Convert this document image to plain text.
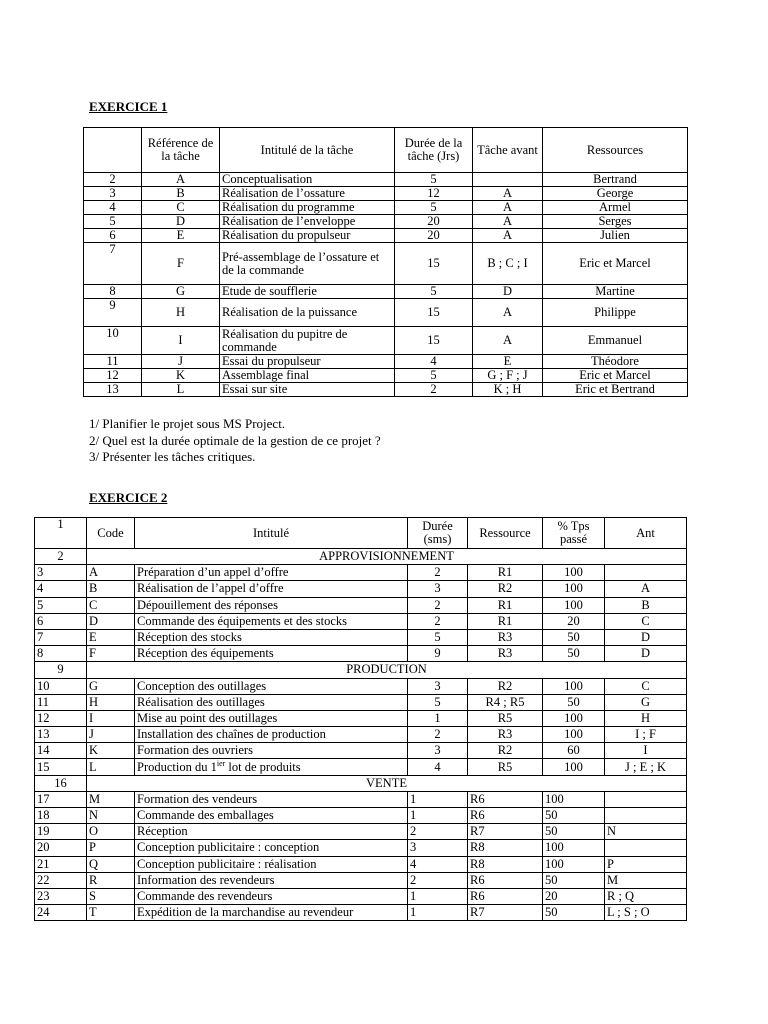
EXERCICE 1
	Référence de la tâche	Intitulé de la tâche	Durée de la tâche (Jrs)	Tâche avant	Ressources
2	A	Conceptualisation	5		Bertrand
3	B	Réalisation de l’ossature	12	A	George
4	C	Réalisation du programme	5	A	Armel
5	D	Réalisation de l’enveloppe	20	A	Serges
6	E	Réalisation du propulseur	20	A	Julien
7	F	Pré-assemblage de l’ossature et de la commande	15	B ; C ; I	Eric et Marcel
8	G	Etude de soufflerie	5	D	Martine
9	H	Réalisation de la puissance	15	A	Philippe
10	I	Réalisation du pupitre de commande	15	A	Emmanuel
11	J	Essai du propulseur	4	E	Théodore
12	K	Assemblage final	5	G ; F ; J	Eric et Marcel
13	L	Essai sur site	2	K ; H	Eric et Bertrand
1/ Planifier le projet sous MS Project.
2/ Quel est la durée optimale de la gestion de ce projet ?
3/ Présenter les tâches critiques.
EXERCICE 2
1	Code	Intitulé	Durée (sms)	Ressource	% Tps passé	Ant
2	APPROVISIONNEMENT					
3	A	Préparation d’un appel d’offre	2	R1	100	
4	B	Réalisation de l’appel d’offre	3	R2	100	A
5	C	Dépouillement des réponses	2	R1	100	B
6	D	Commande des équipements et des stocks	2	R1	20	C
7	E	Réception des stocks	5	R3	50	D
8	F	Réception des équipements	9	R3	50	D
9	PRODUCTION					
10	G	Conception des outillages	3	R2	100	C
11	H	Réalisation des outillages	5	R4 ; R5	50	G
12	I	Mise au point des outillages	1	R5	100	H
13	J	Installation des chaînes de production	2	R3	100	I ; F
14	K	Formation des ouvriers	3	R2	60	I
15	L	Production du $1^{ier}$ lot de produits	4	R5	100	J ; E ; K
16	VENTE					
17	M	Formation des vendeurs	1	R6	100	
18	N	Commande des emballages	1	R6	50	
19	O	Réception	2	R7	50	N
20	P	Conception publicitaire : conception	3	R8	100	
21	Q	Conception publicitaire : réalisation	4	R8	100	P
22	R	Information des revendeurs	2	R6	50	M
23	S	Commande des revendeurs	1	R6	20	R ; Q
24	T	Expédition de la marchandise au revendeur	1	R7	50	L ; S ; O
